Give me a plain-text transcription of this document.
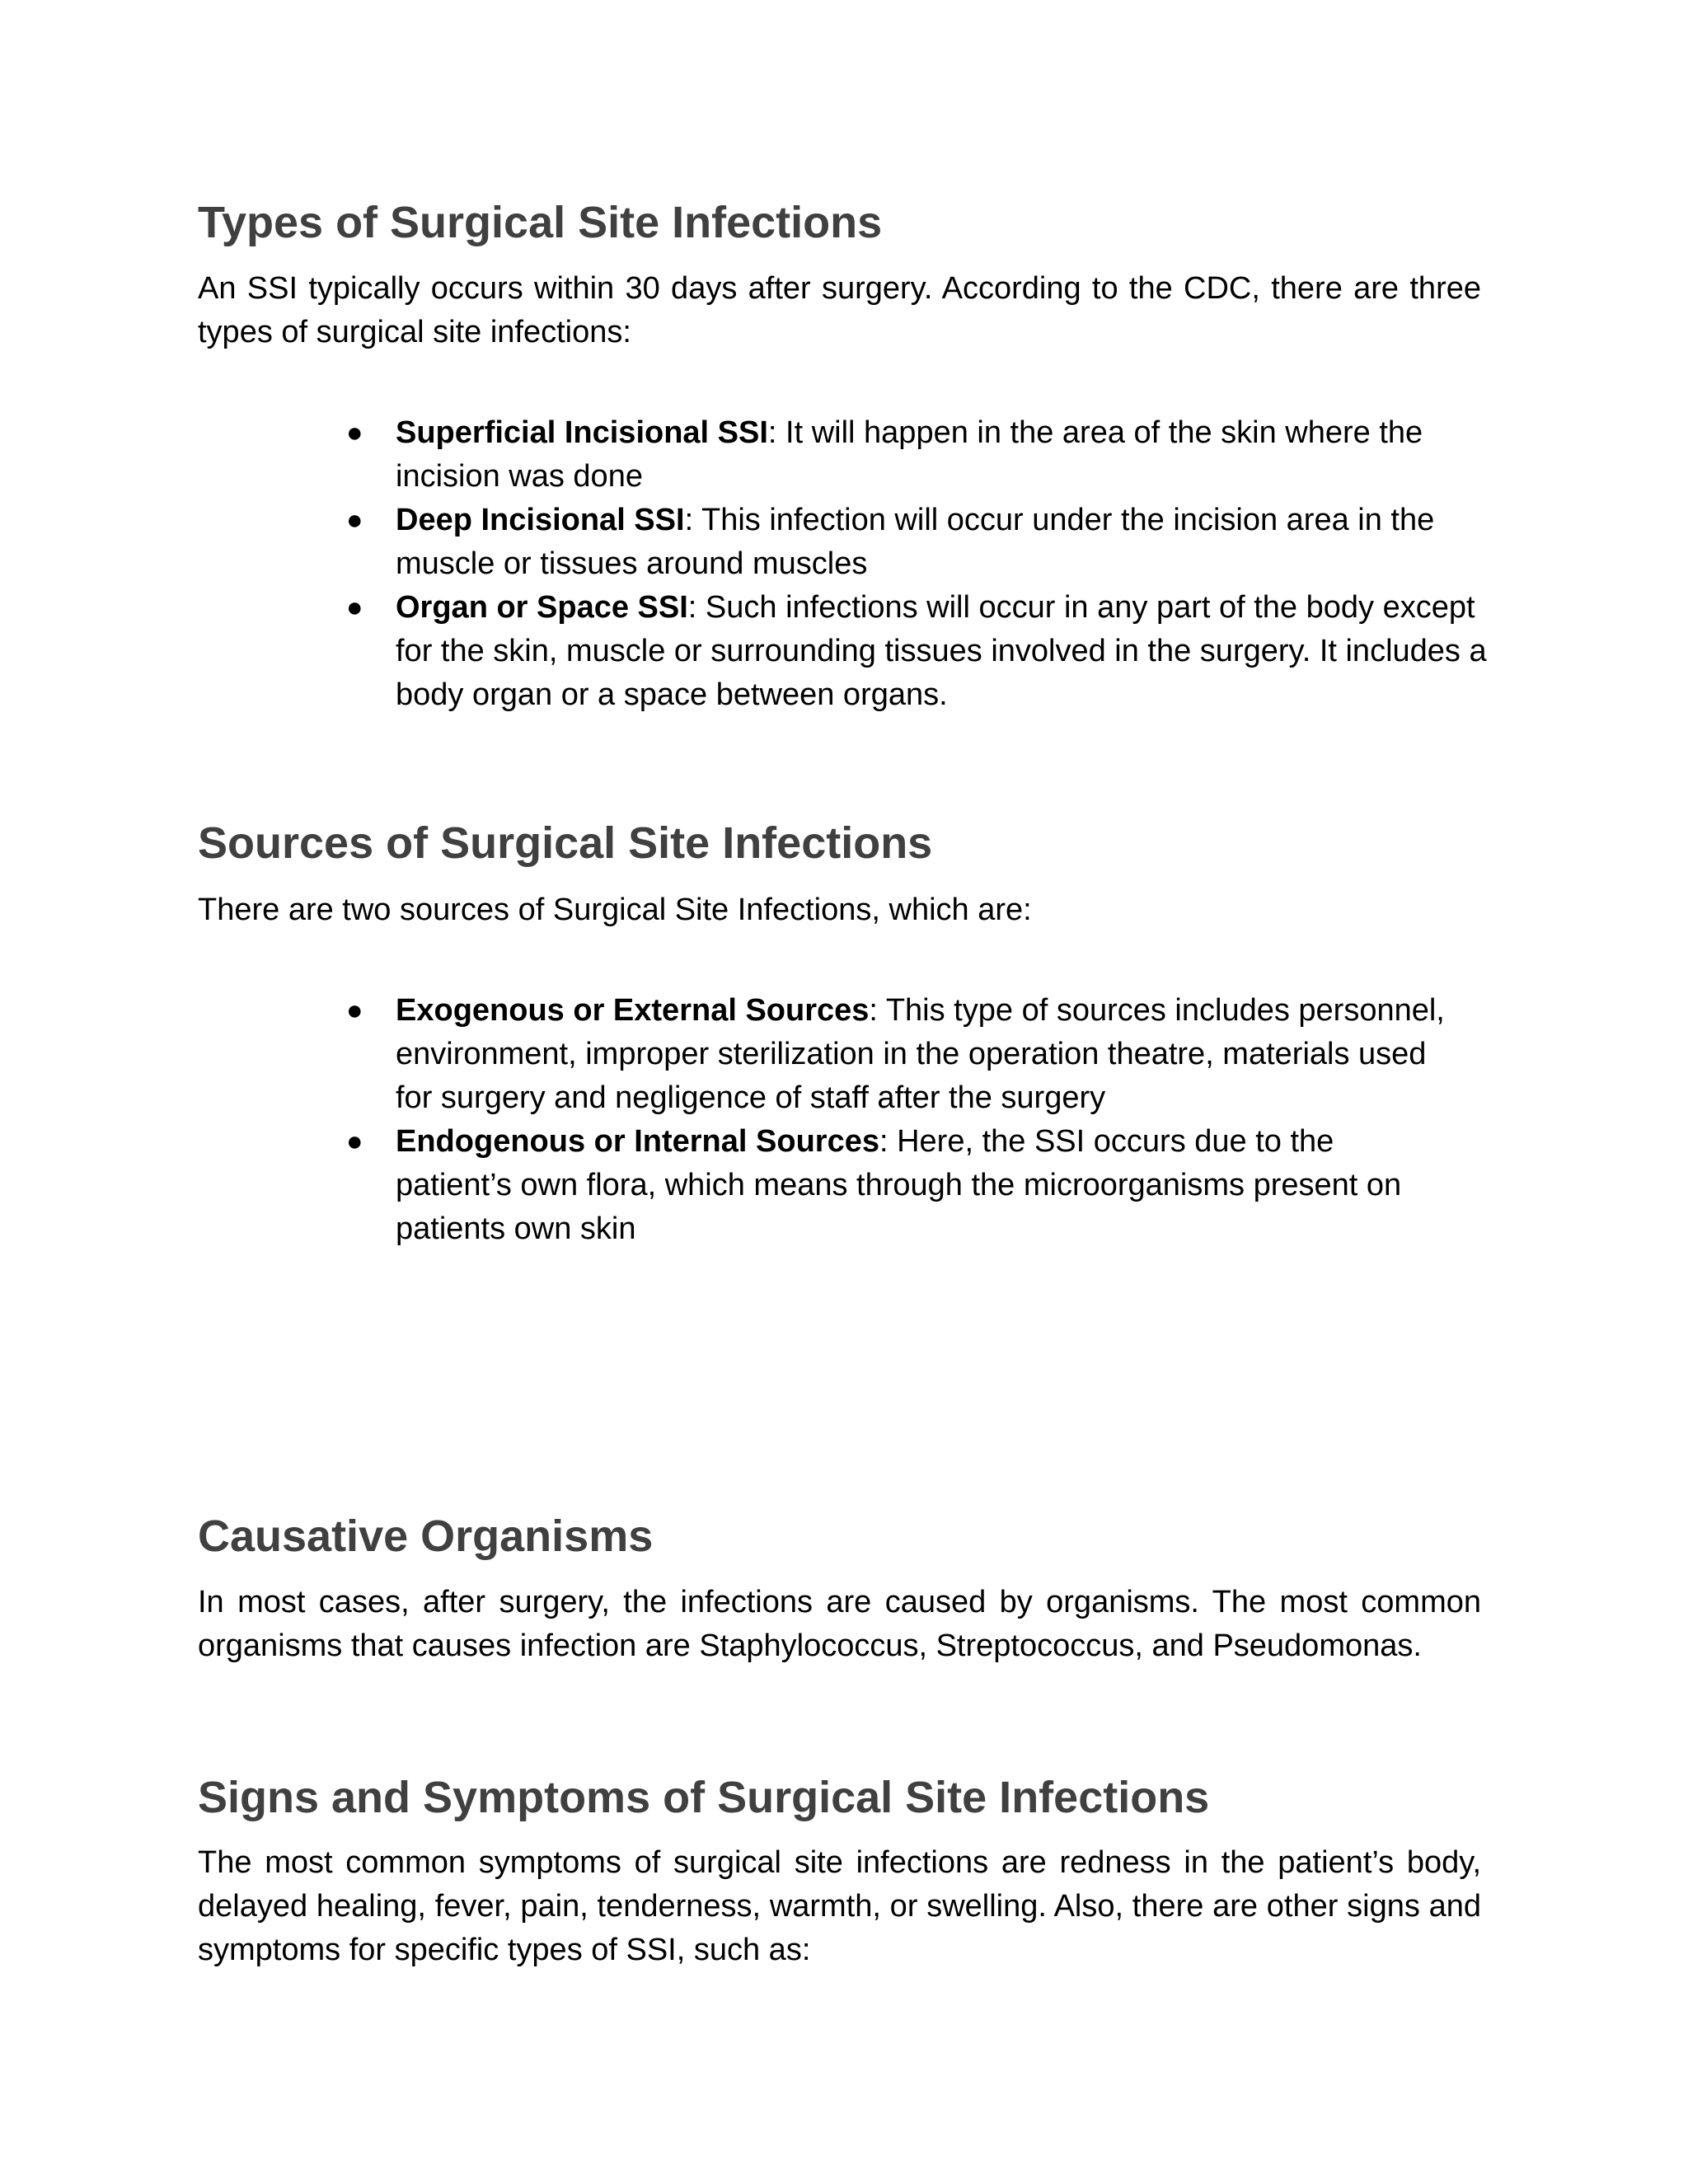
Types of Surgical Site Infections

An SSI typically occurs within 30 days after surgery. According to the CDC, there are three types of surgical site infections:

● Superficial Incisional SSI: It will happen in the area of the skin where the incision was done
● Deep Incisional SSI: This infection will occur under the incision area in the muscle or tissues around muscles
● Organ or Space SSI: Such infections will occur in any part of the body except for the skin, muscle or surrounding tissues involved in the surgery. It includes a body organ or a space between organs.
Sources of Surgical Site Infections

There are two sources of Surgical Site Infections, which are:

● Exogenous or External Sources: This type of sources includes personnel, environment, improper sterilization in the operation theatre, materials used for surgery and negligence of staff after the surgery
● Endogenous or Internal Sources: Here, the SSI occurs due to the patient’s own flora, which means through the microorganisms present on patients own skin
Causative Organisms

In most cases, after surgery, the infections are caused by organisms. The most common organisms that causes infection are Staphylococcus, Streptococcus, and Pseudomonas.

Signs and Symptoms of Surgical Site Infections

The most common symptoms of surgical site infections are redness in the patient’s body, delayed healing, fever, pain, tenderness, warmth, or swelling. Also, there are other signs and symptoms for specific types of SSI, such as:
